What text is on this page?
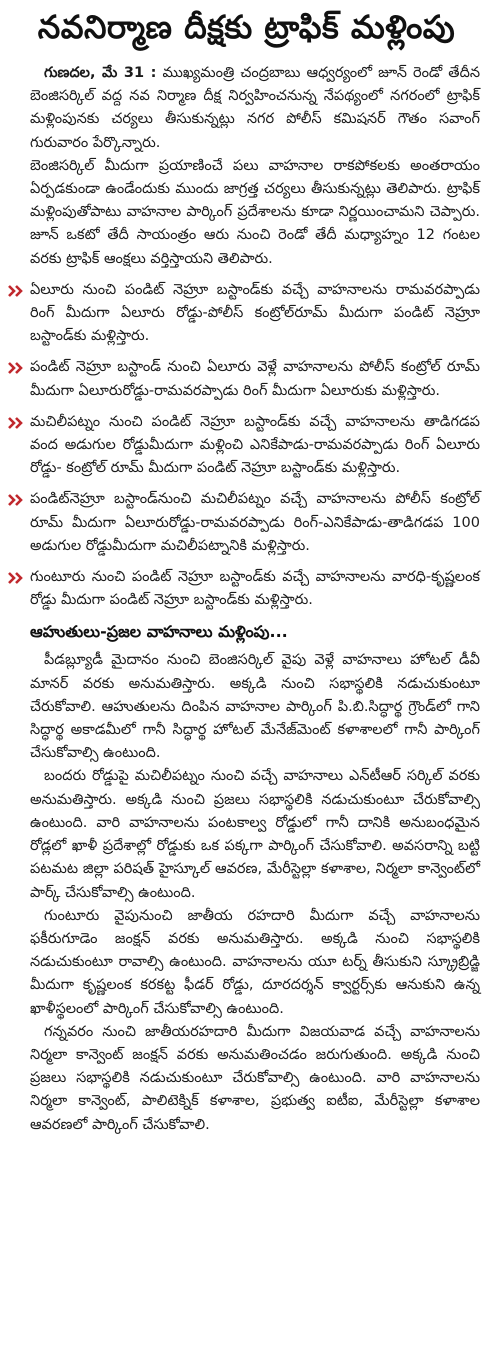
నవనిర్మాణ దీక్షకు ట్రాఫిక్ మళ్లింపు

గుణదల, మే 31 : ముఖ్యమంత్రి చంద్రబాబు ఆధ్వర్యంలో జూన్ రెండో తేదీన బెంజిసర్కిల్ వద్ద నవ నిర్మాణ దీక్ష నిర్వహించనున్న నేపథ్యంలో నగరంలో ట్రాఫిక్ మళ్లింపునకు చర్యలు తీసుకున్నట్లు నగర పోలీస్ కమిషనర్ గౌతం సవాంగ్ గురువారం పేర్కొన్నారు.

బెంజిసర్కిల్ మీదుగా ప్రయాణించే పలు వాహనాల రాకపోకలకు అంతరాయం ఏర్పడకుండా ఉండేందుకు ముందు జాగ్రత్త చర్యలు తీసుకున్నట్లు తెలిపారు. ట్రాఫిక్ మళ్లింపుతోపాటు వాహనాల పార్కింగ్ ప్రదేశాలను కూడా నిర్ణయించామని చెప్పారు. జూన్ ఒకటో తేదీ సాయంత్రం ఆరు నుంచి రెండో తేదీ మధ్యాహ్నం 12 గంటల వరకు ట్రాఫిక్ ఆంక్షలు వర్తిస్తాయని తెలిపారు.

ఏలూరు నుంచి పండిట్ నెహ్రూ బస్టాండ్‌కు వచ్చే వాహనాలను రామవరప్పాడు రింగ్ మీదుగా ఏలూరు రోడ్డు-పోలీస్ కంట్రోల్‌రూమ్ మీదుగా పండిట్ నెహ్రూ బస్టాండ్‌కు మళ్లిస్తారు.
పండిట్ నెహ్రూ బస్టాండ్ నుంచి ఏలూరు వెళ్లే వాహనాలను పోలీస్ కంట్రోల్ రూమ్ మీదుగా ఏలూరురోడ్డు-రామవరప్పాడు రింగ్ మీదుగా ఏలూరుకు మళ్లిస్తారు.
మచిలీపట్నం నుంచి పండిట్ నెహ్రూ బస్టాండ్‌కు వచ్చే వాహనాలను తాడిగడప వంద అడుగుల రోడ్డుమీదుగా మళ్లించి ఎనికేపాడు-రామవరప్పాడు రింగ్ ఏలూరు రోడ్డు- కంట్రోల్ రూమ్ మీదుగా పండిట్ నెహ్రూ బస్టాండ్‌కు మళ్లిస్తారు.
పండిట్‌నెహ్రూ బస్టాండ్‌నుంచి మచిలీపట్నం వచ్చే వాహనాలను పోలీస్ కంట్రోల్ రూమ్ మీదుగా ఏలూరురోడ్డు-రామవరప్పాడు రింగ్-ఎనికేపాడు-తాడిగడప 100 అడుగుల రోడ్డుమీదుగా మచిలీపట్నానికి మళ్లిస్తారు.
గుంటూరు నుంచి పండిట్ నెహ్రూ బస్టాండ్‌కు వచ్చే వాహనాలను వారధి-కృష్ణలంక రోడ్డు మీదుగా పండిట్ నెహ్రూ బస్టాండ్‌కు మళ్లిస్తారు.
ఆహుతులు-ప్రజల వాహనాలు మళ్లింపు...

పీడబ్ల్యూడీ మైదానం నుంచి బెంజిసర్కిల్ వైపు వెళ్లే వాహనాలు హోటల్ డీవీ మానర్ వరకు అనుమతిస్తారు. అక్కడి నుంచి సభాస్థలికి నడుచుకుంటూ చేరుకోవాలి. ఆహుతులను దింపిన వాహనాల పార్కింగ్ పి.బి.సిద్ధార్థ గ్రౌండ్‌లో గాని సిద్ధార్థ అకాడమీలో గానీ సిద్ధార్థ హోటల్ మేనేజ్‌మెంట్ కళాశాలలో గానీ పార్కింగ్ చేసుకోవాల్సి ఉంటుంది.

బందరు రోడ్డుపై మచిలీపట్నం నుంచి వచ్చే వాహనాలు ఎన్‌టీఆర్ సర్కిల్ వరకు అనుమతిస్తారు. అక్కడి నుంచి ప్రజలు సభాస్థలికి నడుచుకుంటూ చేరుకోవాల్సి ఉంటుంది. వారి వాహనాలను పంటకాల్వ రోడ్డులో గానీ దానికి అనుబంధమైన రోడ్లలో ఖాళీ ప్రదేశాల్లో రోడ్డుకు ఒక పక్కగా పార్కింగ్ చేసుకోవాలి. అవసరాన్ని బట్టి పటమట జిల్లా పరిషత్ హైస్కూల్ ఆవరణ, మేరీస్టెల్లా కళాశాల, నిర్మలా కాన్వెంట్‌లో పార్క్ చేసుకోవాల్సి ఉంటుంది.

గుంటూరు వైపునుంచి జాతీయ రహదారి మీదుగా వచ్చే వాహనాలను ఫకీరుగూడెం జంక్షన్ వరకు అనుమతిస్తారు. అక్కడి నుంచి సభాస్థలికి నడుచుకుంటూ రావాల్సి ఉంటుంది. వాహనాలను యూ టర్న్ తీసుకుని స్క్రూబ్రిడ్జి మీదుగా కృష్ణలంక కరకట్ట ఫీడర్ రోడ్డు, దూరదర్శన్ క్వార్టర్స్‌కు ఆనుకుని ఉన్న ఖాళీస్థలంలో పార్కింగ్ చేసుకోవాల్సి ఉంటుంది.

గన్నవరం నుంచి జాతీయరహదారి మీదుగా విజయవాడ వచ్చే వాహనాలను నిర్మలా కాన్వెంట్ జంక్షన్ వరకు అనుమతించడం జరుగుతుంది. అక్కడి నుంచి ప్రజలు సభాస్థలికి నడుచుకుంటూ చేరుకోవాల్సి ఉంటుంది. వారి వాహనాలను నిర్మలా కాన్వెంట్, పాలిటెక్నిక్ కళాశాల, ప్రభుత్వ ఐటీఐ, మేరీస్టెల్లా కళాశాల ఆవరణలో పార్కింగ్ చేసుకోవాలి.
